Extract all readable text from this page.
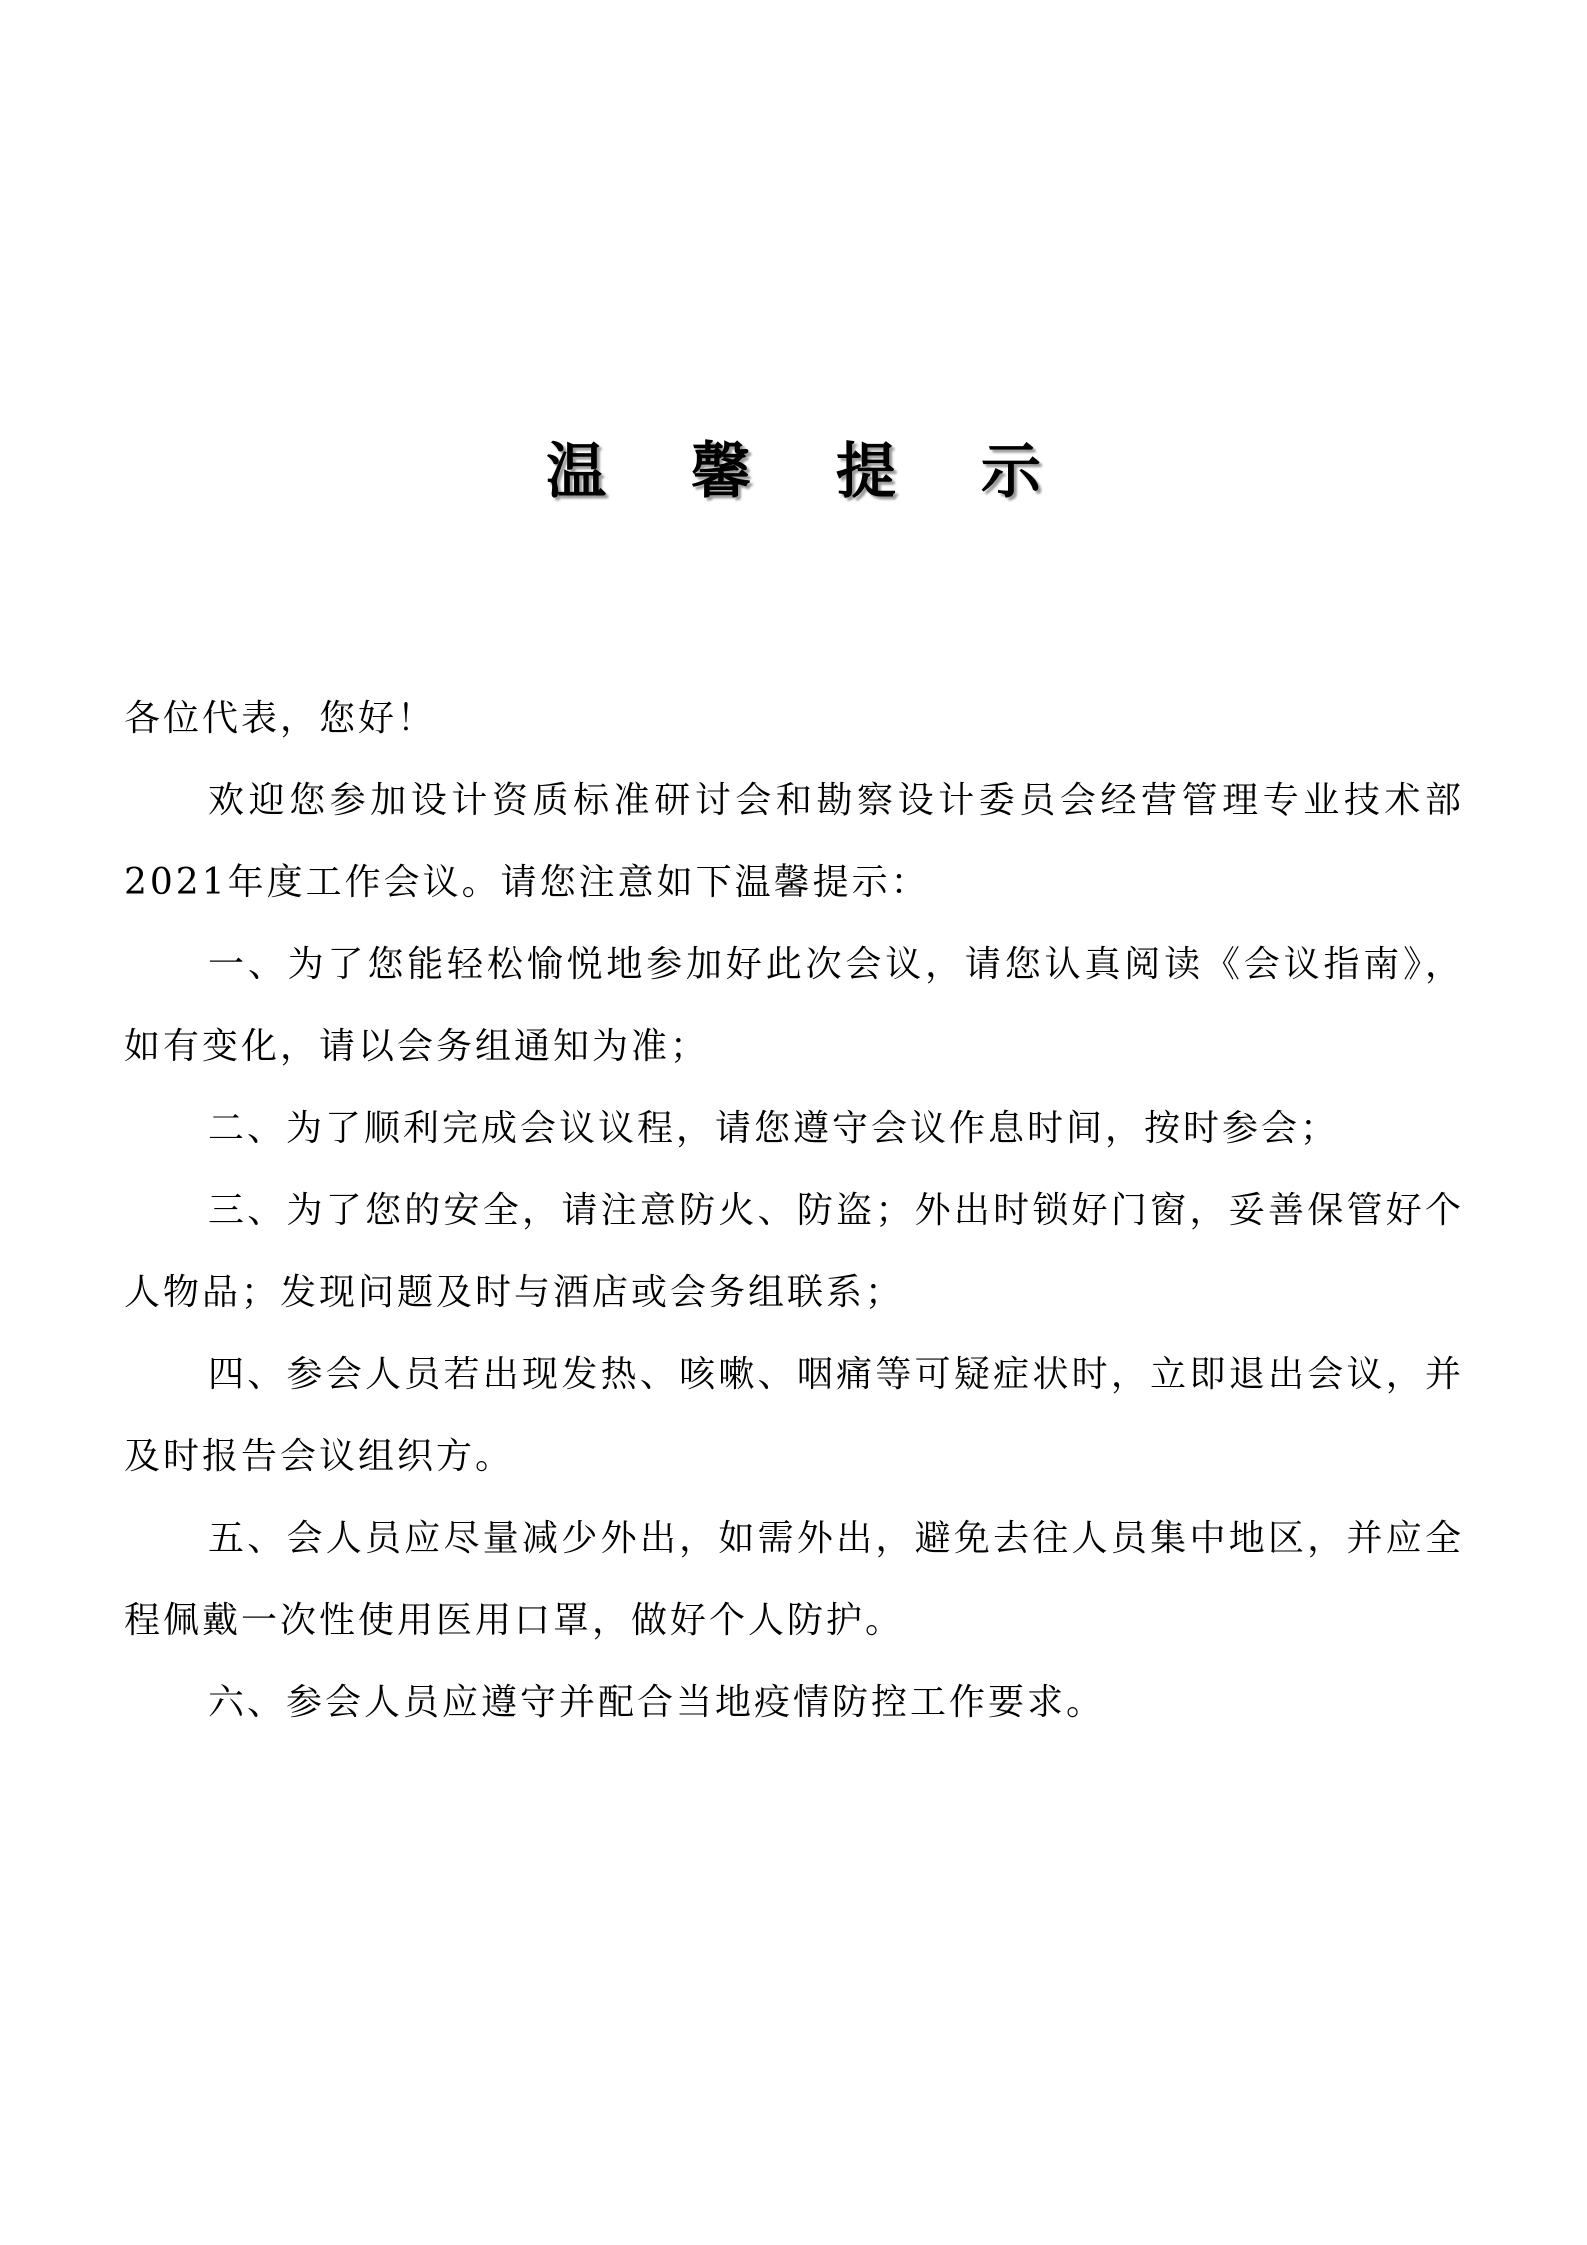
温 馨 提 示

各位代表，您好！

欢迎您参加设计资质标准研讨会和勘察设计委员会经营管理专业技术部2021年度工作会议。请您注意如下温馨提示：

一、为了您能轻松愉悦地参加好此次会议，请您认真阅读《会议指南》，如有变化，请以会务组通知为准；

二、为了顺利完成会议议程，请您遵守会议作息时间，按时参会；

三、为了您的安全，请注意防火、防盗；外出时锁好门窗，妥善保管好个人物品；发现问题及时与酒店或会务组联系；

四、参会人员若出现发热、咳嗽、咽痛等可疑症状时，立即退出会议，并及时报告会议组织方。

五、会人员应尽量减少外出，如需外出，避免去往人员集中地区，并应全程佩戴一次性使用医用口罩，做好个人防护。

六、参会人员应遵守并配合当地疫情防控工作要求。
